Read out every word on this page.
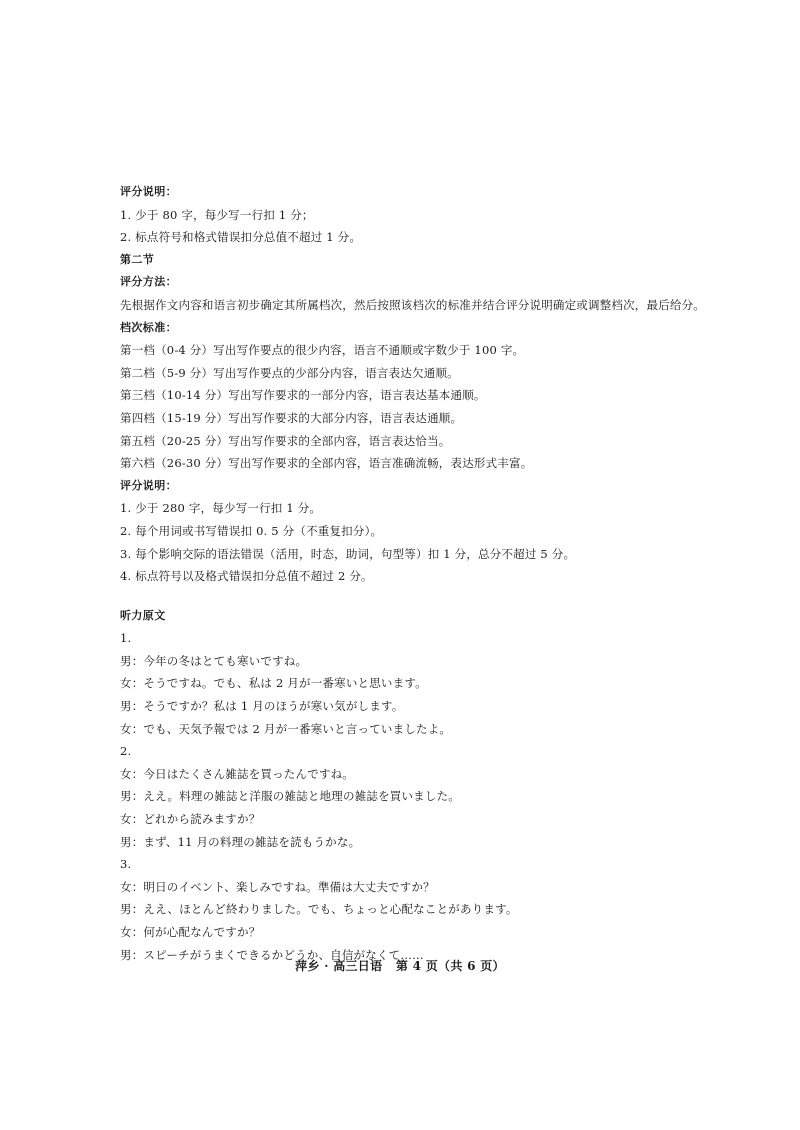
评分说明：
1. 少于 80 字，每少写一行扣 1 分；
2. 标点符号和格式错误扣分总值不超过 1 分。
第二节
评分方法：
先根据作文内容和语言初步确定其所属档次，然后按照该档次的标准并结合评分说明确定或调整档次，最后给分。
档次标准：
第一档（0-4 分）写出写作要点的很少内容，语言不通顺或字数少于 100 字。
第二档（5-9 分）写出写作要点的少部分内容，语言表达欠通顺。
第三档（10-14 分）写出写作要求的一部分内容，语言表达基本通顺。
第四档（15-19 分）写出写作要求的大部分内容，语言表达通顺。
第五档（20-25 分）写出写作要求的全部内容，语言表达恰当。
第六档（26-30 分）写出写作要求的全部内容，语言准确流畅，表达形式丰富。
评分说明：
1. 少于 280 字，每少写一行扣 1 分。
2. 每个用词或书写错误扣 0. 5 分（不重复扣分）。
3. 每个影响交际的语法错误（活用，时态，助词，句型等）扣 1 分，总分不超过 5 分。
4. 标点符号以及格式错误扣分总值不超过 2 分。
听力原文
1.
男：今年の冬はとても寒いですね。
女：そうですね。でも、私は 2 月が一番寒いと思います。
男：そうですか？私は 1 月のほうが寒い気がします。
女：でも、天気予報では 2 月が一番寒いと言っていましたよ。
2.
女：今日はたくさん雑誌を買ったんですね。
男：ええ。料理の雑誌と洋服の雑誌と地理の雑誌を買いました。
女：どれから読みますか？
男：まず、11 月の料理の雑誌を読もうかな。
3.
女：明日のイベント、楽しみですね。準備は大丈夫ですか？
男：ええ、ほとんど終わりました。でも、ちょっと心配なことがあります。
女：何が心配なんですか？
男：スピーチがうまくできるかどうか、自信がなくて……
萍乡 · 高三日语   第 4 页（共 6 页）
